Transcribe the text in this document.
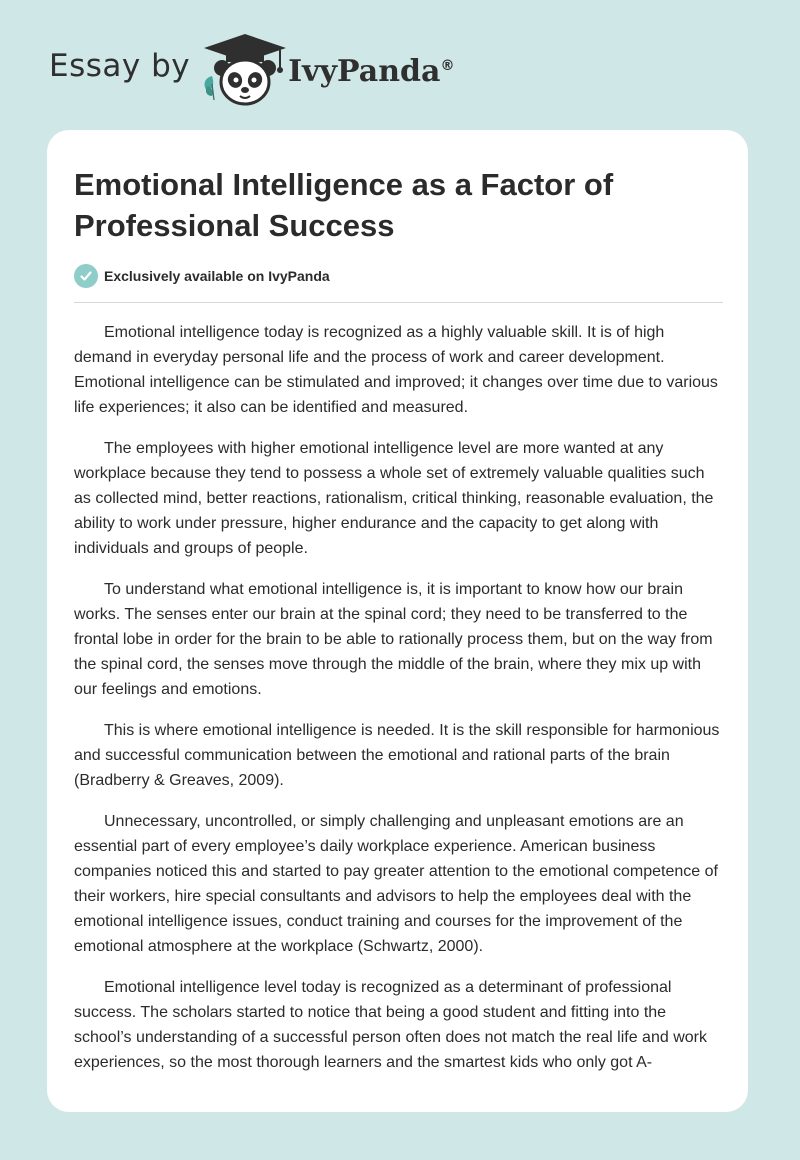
Essay by	IvyPanda®
Emotional Intelligence as a Factor of Professional Success
Exclusively available on IvyPanda

Emotional intelligence today is recognized as a highly valuable skill. It is of high demand in everyday personal life and the process of work and career development. Emotional intelligence can be stimulated and improved; it changes over time due to various life experiences; it also can be identified and measured.

The employees with higher emotional intelligence level are more wanted at any workplace because they tend to possess a whole set of extremely valuable qualities such as collected mind, better reactions, rationalism, critical thinking, reasonable evaluation, the ability to work under pressure, higher endurance and the capacity to get along with individuals and groups of people.

To understand what emotional intelligence is, it is important to know how our brain works. The senses enter our brain at the spinal cord; they need to be transferred to the frontal lobe in order for the brain to be able to rationally process them, but on the way from the spinal cord, the senses move through the middle of the brain, where they mix up with our feelings and emotions.

This is where emotional intelligence is needed. It is the skill responsible for harmonious and successful communication between the emotional and rational parts of the brain (Bradberry & Greaves, 2009).

Unnecessary, uncontrolled, or simply challenging and unpleasant emotions are an essential part of every employee’s daily workplace experience. American business companies noticed this and started to pay greater attention to the emotional competence of their workers, hire special consultants and advisors to help the employees deal with the emotional intelligence issues, conduct training and courses for the improvement of the emotional atmosphere at the workplace (Schwartz, 2000).

Emotional intelligence level today is recognized as a determinant of professional success. The scholars started to notice that being a good student and fitting into the school’s understanding of a successful person often does not match the real life and work experiences, so the most thorough learners and the smartest kids who only got A-
